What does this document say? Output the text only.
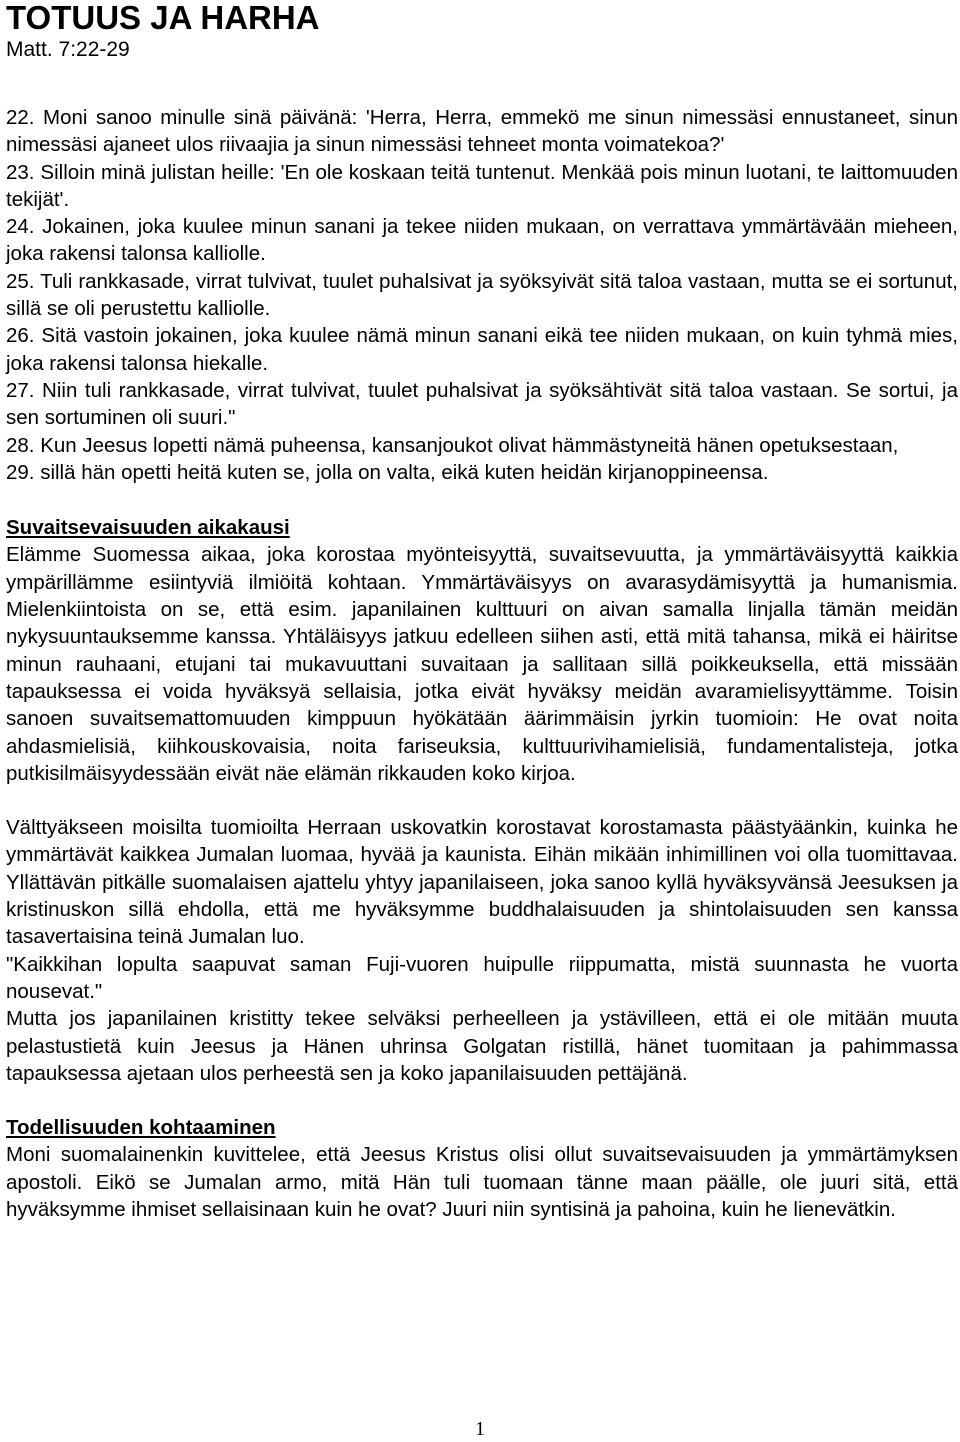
TOTUUS JA HARHA
Matt. 7:22-29

22. Moni sanoo minulle sinä päivänä: 'Herra, Herra, emmekö me sinun nimessäsi ennustaneet, sinun nimessäsi ajaneet ulos riivaajia ja sinun nimessäsi tehneet monta voimatekoa?'

23. Silloin minä julistan heille: 'En ole koskaan teitä tuntenut. Menkää pois minun luotani, te laittomuuden tekijät'.

24. Jokainen, joka kuulee minun sanani ja tekee niiden mukaan, on verrattava ymmärtävään mieheen, joka rakensi talonsa kalliolle.

25. Tuli rankkasade, virrat tulvivat, tuulet puhalsivat ja syöksyivät sitä taloa vastaan, mutta se ei sortunut, sillä se oli perustettu kalliolle.

26. Sitä vastoin jokainen, joka kuulee nämä minun sanani eikä tee niiden mukaan, on kuin tyhmä mies, joka rakensi talonsa hiekalle.

27. Niin tuli rankkasade, virrat tulvivat, tuulet puhalsivat ja syöksähtivät sitä taloa vastaan. Se sortui, ja sen sortuminen oli suuri."

28. Kun Jeesus lopetti nämä puheensa, kansanjoukot olivat hämmästyneitä hänen opetuksestaan,

29. sillä hän opetti heitä kuten se, jolla on valta, eikä kuten heidän kirjanoppineensa.

Suvaitsevaisuuden aikakausi

Elämme Suomessa aikaa, joka korostaa myönteisyyttä, suvaitsevuutta, ja ymmärtäväisyyttä kaikkia ympärillämme esiintyviä ilmiöitä kohtaan. Ymmärtäväisyys on avarasydämisyyttä ja humanismia. Mielenkiintoista on se, että esim. japanilainen kulttuuri on aivan samalla linjalla tämän meidän nykysuuntauksemme kanssa. Yhtäläisyys jatkuu edelleen siihen asti, että mitä tahansa, mikä ei häiritse minun rauhaani, etujani tai mukavuuttani suvaitaan ja sallitaan sillä poikkeuksella, että missään tapauksessa ei voida hyväksyä sellaisia, jotka eivät hyväksy meidän avaramielisyyttämme. Toisin sanoen suvaitsemattomuuden kimppuun hyökätään äärimmäisin jyrkin tuomioin: He ovat noita ahdasmielisiä, kiihkouskovaisia, noita fariseuksia, kulttuurivihamielisiä, fundamentalisteja, jotka putkisilmäisyydessään eivät näe elämän rikkauden koko kirjoa.

Välttyäkseen moisilta tuomioilta Herraan uskovatkin korostavat korostamasta päästyäänkin, kuinka he ymmärtävät kaikkea Jumalan luomaa, hyvää ja kaunista. Eihän mikään inhimillinen voi olla tuomittavaa. Yllättävän pitkälle suomalaisen ajattelu yhtyy japanilaiseen, joka sanoo kyllä hyväksyvänsä Jeesuksen ja kristinuskon sillä ehdolla, että me hyväksymme buddhalaisuuden ja shintolaisuuden sen kanssa tasavertaisina teinä Jumalan luo.

"Kaikkihan lopulta saapuvat saman Fuji-vuoren huipulle riippumatta, mistä suunnasta he vuorta nousevat."

Mutta jos japanilainen kristitty tekee selväksi perheelleen ja ystävilleen, että ei ole mitään muuta pelastustietä kuin Jeesus ja Hänen uhrinsa Golgatan ristillä, hänet tuomitaan ja pahimmassa tapauksessa ajetaan ulos perheestä sen ja koko japanilaisuuden pettäjänä.

Todellisuuden kohtaaminen

Moni suomalainenkin kuvittelee, että Jeesus Kristus olisi ollut suvaitsevaisuuden ja ymmärtämyksen apostoli. Eikö se Jumalan armo, mitä Hän tuli tuomaan tänne maan päälle, ole juuri sitä, että hyväksymme ihmiset sellaisinaan kuin he ovat? Juuri niin syntisinä ja pahoina, kuin he lienevätkin.

1
